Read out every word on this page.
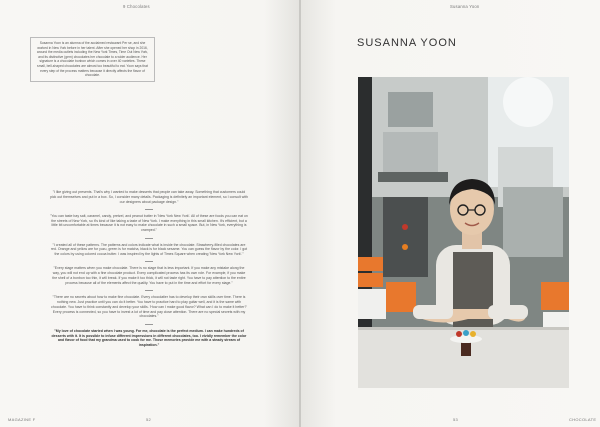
9 Chocolates
Susanna Yoon is an alumna of the acclaimed restaurant Per se, and she worked in New York before in her talent. After she opened her shop in 2016, around the media outlets including the New York Times, Time Out New York, and its distinctive (gem) chocolates her chocolate to a wider audience. Her signature is a chocolate bonbon which comes in over 40 varieties. These small, bell-shaped chocolates are almost too beautiful to eat. Yoon says that every step of the process matters because it directly affects the flavor of chocolate.

"I like giving out presents. That's why I wanted to make desserts that people can take away. Something that customers could pick out themselves and put in a box. So, I consider many details. Packaging is definitely an important element, so I consult with our designers about package design."

"You can taste bay salt, caramel, candy, pretzel, and peanut butter in 'New York New York'. All of these are foods you can eat on the streets of New York, so it's kind of like taking a taste of New York. I make everything in this small kitchen. It's efficient, but a little bit uncomfortable at times because it is not easy to make chocolate in such a small space. But, in New York, everything is cramped."

"I created all of these patterns. The patterns and colors indicate what is inside the chocolate. Strawberry-filled chocolates are red. Orange and yellow are for yuzu, green is for matcha, black is for black sesame. You can guess the flavor by the color. I got the colors by using colored cocoa butter. I was inspired by the lights of Times Square when creating 'New York New York'."

"Every stage matters when you make chocolate. There is no stage that is less important. If you make any mistake along the way, you will not end up with a fine chocolate product. Every complicated process has its own role. For example, if you make the shell of a bonbon too thin, it will break. If you make it too thick, it will not taste right. You have to pay attention to the entire process because all of the elements affect the quality. You have to put in the time and effort for every stage."

"There are no secrets about how to make fine chocolate. Every chocolatier has to develop their own skills over time. There is nothing new. Just practice until you can do it better. You have to practice hard to play guitar well, and it is the same with chocolate. You have to think constantly and develop your skills. 'How can I make good flavor? What can I do to make it better?' Every process is connected, so you have to invest a lot of time and pay close attention. There are no special secrets with my chocolates."

"My love of chocolate started when I was young. For me, chocolate is the perfect medium. I can make hundreds of desserts with it. It is possible to infuse different impressions in different chocolates, too. I vividly remember the color and flavor of food that my grandma used to cook for me. Those memories provide me with a steady stream of inspiration."

MAGAZINE F	52
Susanna Yoon
53	CHOCOLATE
SUSANNA YOON
